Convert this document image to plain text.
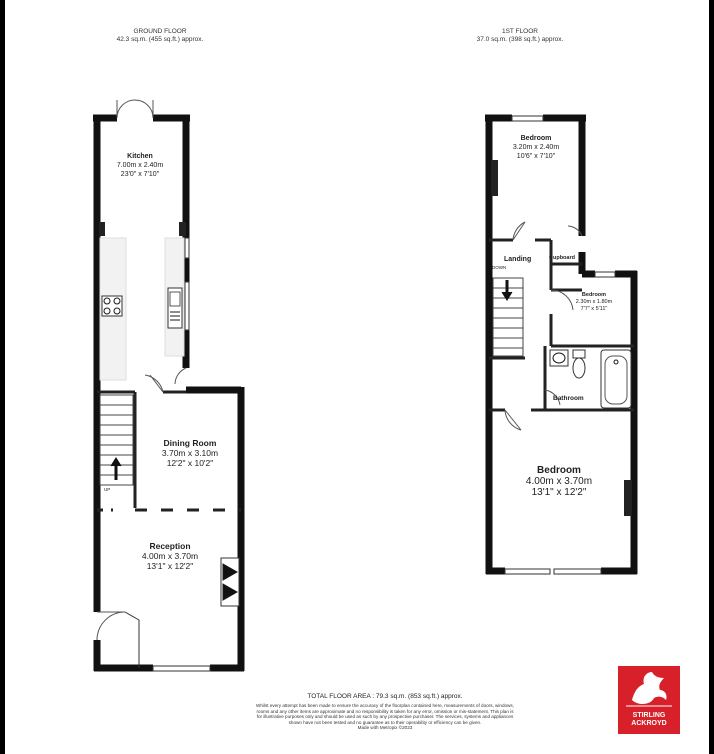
GROUND FLOOR
42.3 sq.m. (455 sq.ft.) approx.
1ST FLOOR
37.0 sq.m. (398 sq.ft.) approx.
Kitchen
7.00m x 2.40m
23'0" x 7'10"
Dining Room
3.70m x 3.10m
12'2" x 10'2"
Reception
4.00m x 3.70m
13'1" x 12'2"
UP
Bedroom
3.20m x 2.40m
10'6" x 7'10"
Bedroom
2.30m x 1.80m
7'7" x 5'11"
Bedroom
4.00m x 3.70m
13'1" x 12'2"
Landing	Cupboard
Bathroom
DOWN
TOTAL FLOOR AREA : 79.3 sq.m. (853 sq.ft.) approx.
Whilst every attempt has been made to ensure the accuracy of the floorplan contained here, measurements of doors, windows, rooms and any other items are approximate and no responsibility is taken for any error, omission or mis-statement. This plan is for illustrative purposes only and should be used as such by any prospective purchaser. The services, systems and appliances shown have not been tested and no guarantee as to their operability or efficiency can be given.
Made with Metropix ©2023
STIRLING
ACKROYD
